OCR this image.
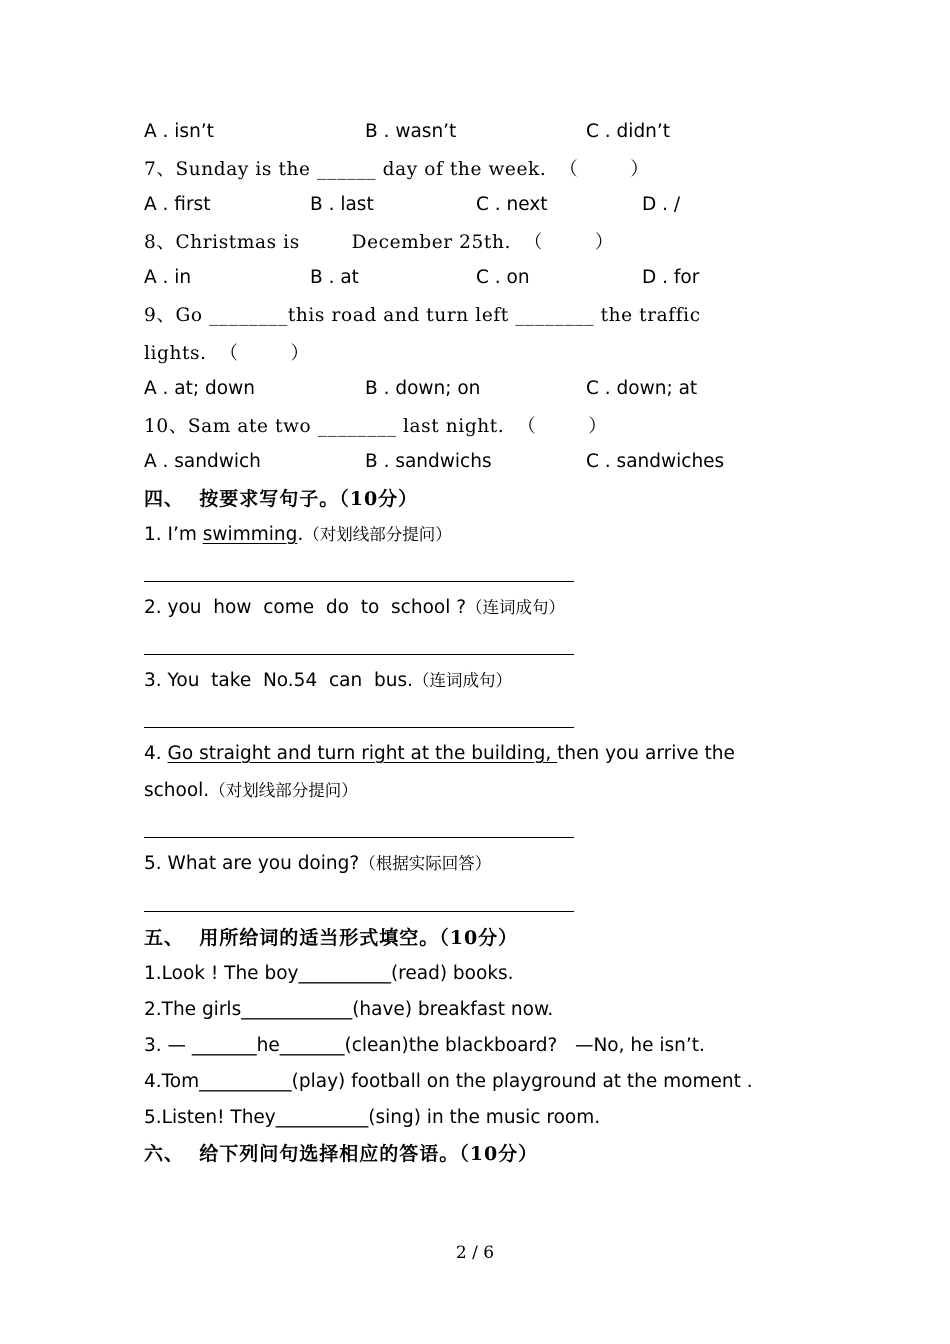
A . isn’t	B . wasn’t	C . didn’t
7、Sunday is the ______ day of the week.  （        ）
A . first	B . last	C . next	D . /
8、Christmas is        December 25th.  （        ）
A . in	B . at	C . on	D . for
9、Go ________this road and turn left ________ the traffic
lights.  （        ）
A . at; down	B . down; on	C . down; at
10、Sam ate two ________ last night.  （        ）
A . sandwich	B . sandwichs	C . sandwiches
四、  按要求写句子。（10分）
1. I’m swimming.（对划线部分提问）
2. you  how  come  do  to  school ?（连词成句）
3. You  take  No.54  can  bus.（连词成句）
4. Go straight and turn right at the building, then you arrive the
school.（对划线部分提问）
5. What are you doing?（根据实际回答）
五、  用所给词的适当形式填空。（10分）
1.Look ! The boy__________(read) books.
2.The girls____________(have) breakfast now.
3. — _______he_______(clean)the blackboard?   —No, he isn’t.
4.Tom__________(play) football on the playground at the moment .
5.Listen! They__________(sing) in the music room.
六、  给下列问句选择相应的答语。（10分）
2 / 6
